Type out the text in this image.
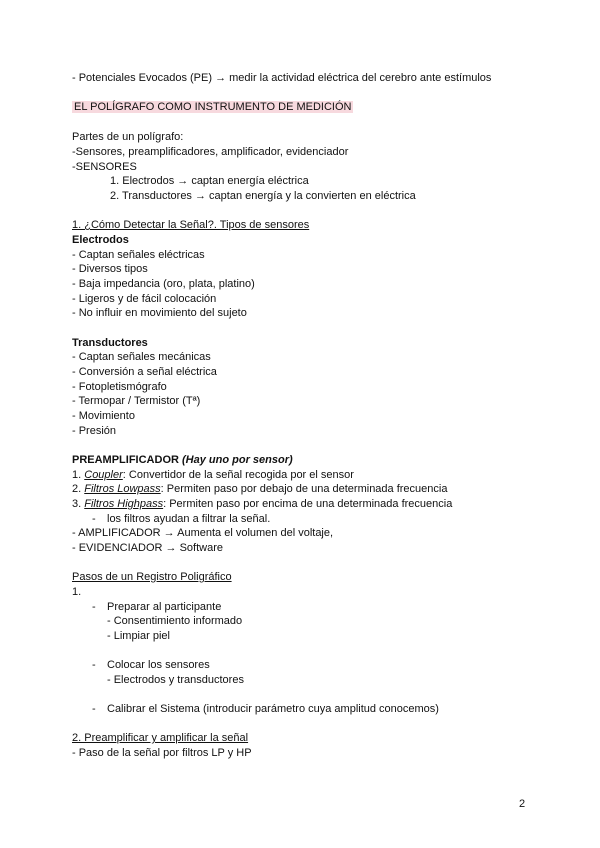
- Potenciales Evocados (PE) → medir la actividad eléctrica del cerebro ante estímulos
EL POLÍGRAFO COMO INSTRUMENTO DE MEDICIÓN
Partes de un polígrafo:
-Sensores, preamplificadores, amplificador, evidenciador
-SENSORES
1. Electrodos → captan energía eléctrica
2. Transductores → captan energía y la convierten en eléctrica
1. ¿Cómo Detectar la Señal?. Tipos de sensores
Electrodos
- Captan señales eléctricas
- Diversos tipos
- Baja impedancia (oro, plata, platino)
- Ligeros y de fácil colocación
- No influir en movimiento del sujeto
Transductores
- Captan señales mecánicas
- Conversión a señal eléctrica
- Fotopletismógrafo
- Termopar / Termistor (Tª)
- Movimiento
- Presión
PREAMPLIFICADOR (Hay uno por sensor)
1. Coupler: Convertidor de la señal recogida por el sensor
2. Filtros Lowpass: Permiten paso por debajo de una determinada frecuencia
3. Filtros Highpass: Permiten paso por encima de una determinada frecuencia
- los filtros ayudan a filtrar la señal.
- AMPLIFICADOR → Aumenta el volumen del voltaje,
- EVIDENCIADOR → Software
Pasos de un Registro Poligráfico
1.
- Preparar al participante
- Consentimiento informado
- Limpiar piel
- Colocar los sensores
- Electrodos y transductores
- Calibrar el Sistema (introducir parámetro cuya amplitud conocemos)
2. Preamplificar y amplificar la señal
- Paso de la señal por filtros LP y HP
2
